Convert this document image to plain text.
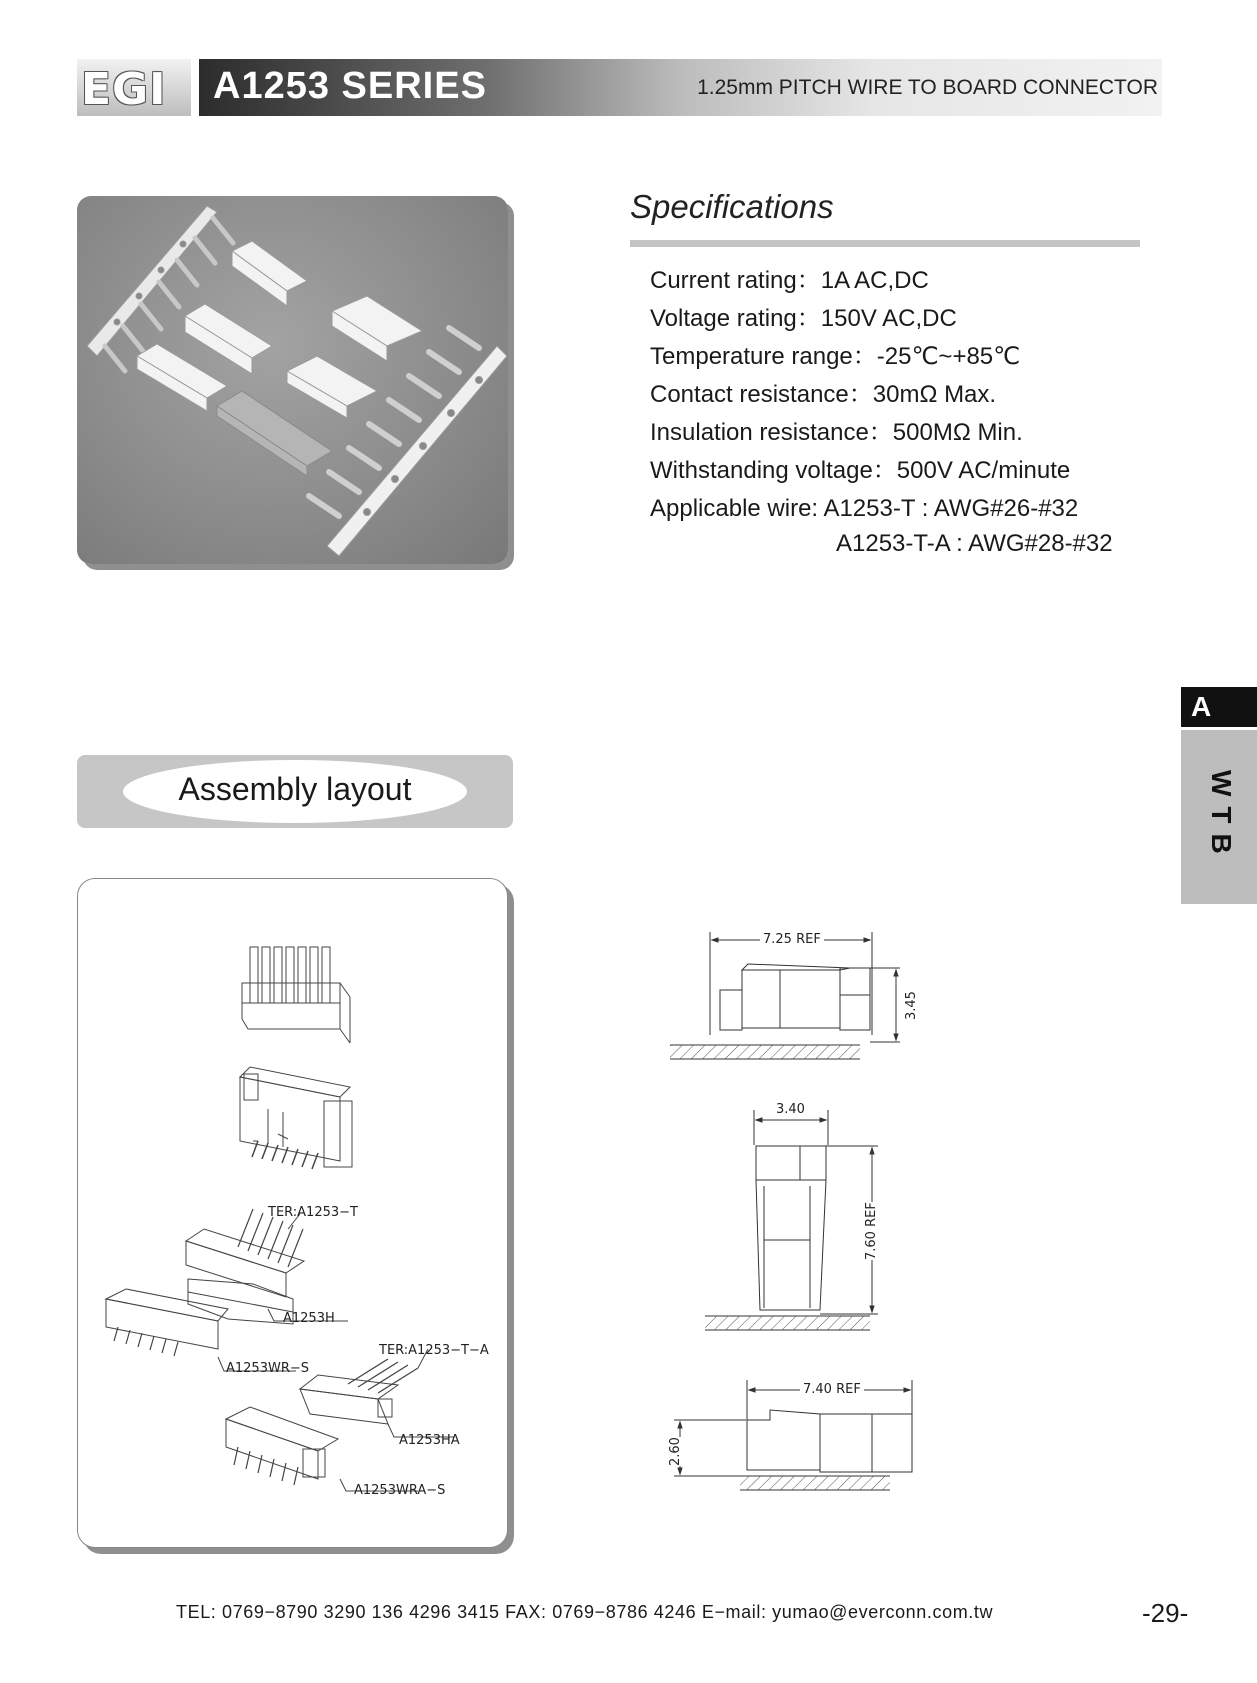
EGI A1253 SERIES	1.25mm PITCH WIRE TO BOARD CONNECTOR
Specifications
Current rating：1A AC,DC
Voltage rating：150V AC,DC
Temperature range：-25℃~+85℃
Contact resistance：30mΩ Max.
Insulation resistance：500MΩ Min.
Withstanding voltage：500V AC/minute
Applicable wire: A1253-T : AWG#26-#32
A1253-T-A : AWG#28-#32
A
WTB
Assembly layout
TER:A1253−T
A1253H
A1253WR−S
TER:A1253−T−A
A1253HA
A1253WRA−S
7.25 REF
3.45
3.40
7.60 REF
7.40 REF
2.60
TEL: 0769−8790 3290 136 4296 3415 FAX: 0769−8786 4246 E−mail: yumao@everconn.com.tw	-29-
